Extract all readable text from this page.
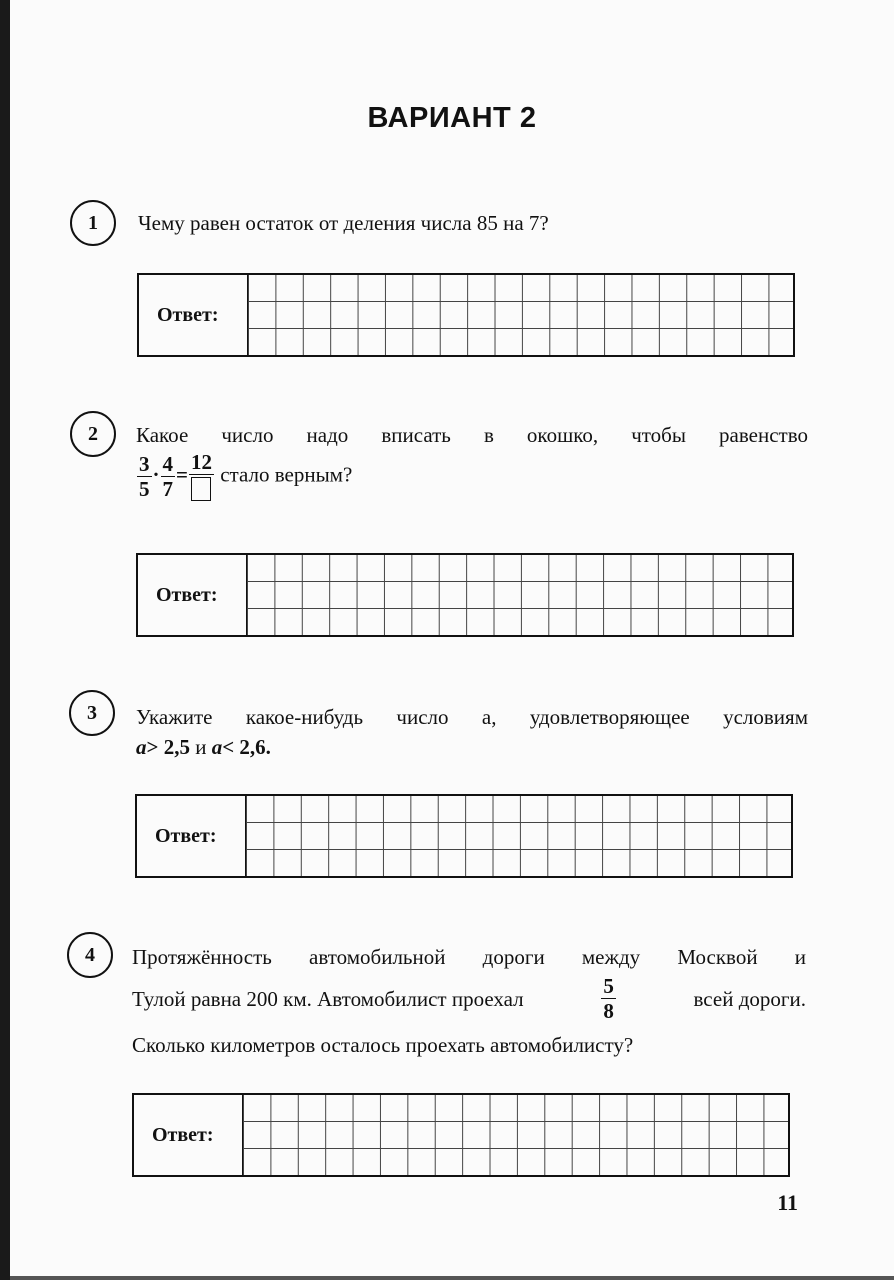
ВАРИАНТ 2
1	Чему равен остаток от деления числа 85 на 7?
Ответ:
2	Какое число надо вписать в окошко, чтобы равенство
$\frac{3}{5} \cdot \frac{4}{7}$ =
12
стало верным?
Ответ:
3	Укажите какое-нибудь число a, удовлетворяющее условиям
a> 2,5 и a< 2,6.
Ответ:
4	Протяжённость автомобильной дороги между Москвой и
Тулой равна 200 км. Автомобилист проехал	$\frac{5}{8}$	всей дороги.
Сколько километров осталось проехать автомобилисту?
Ответ:
11
